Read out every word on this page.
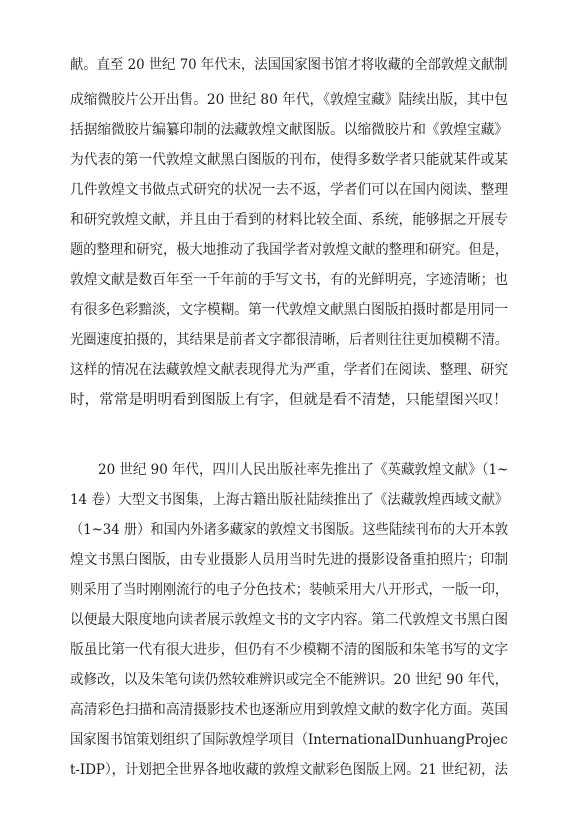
献。直至 20 世纪 70 年代末，法国国家图书馆才将收藏的全部敦煌文献制
成缩微胶片公开出售。20 世纪 80 年代，《敦煌宝藏》陆续出版，其中包
括据缩微胶片编纂印制的法藏敦煌文献图版。以缩微胶片和《敦煌宝藏》
为代表的第一代敦煌文献黑白图版的刊布，使得多数学者只能就某件或某
几件敦煌文书做点式研究的状况一去不返，学者们可以在国内阅读、整理
和研究敦煌文献，并且由于看到的材料比较全面、系统，能够据之开展专
题的整理和研究，极大地推动了我国学者对敦煌文献的整理和研究。但是，
敦煌文献是数百年至一千年前的手写文书，有的光鲜明亮，字迹清晰；也
有很多色彩黯淡，文字模糊。第一代敦煌文献黑白图版拍摄时都是用同一
光圈速度拍摄的，其结果是前者文字都很清晰，后者则往往更加模糊不清。
这样的情况在法藏敦煌文献表现得尤为严重，学者们在阅读、整理、研究
时，常常是明明看到图版上有字，但就是看不清楚，只能望图兴叹！
20 世纪 90 年代，四川人民出版社率先推出了《英藏敦煌文献》（1~
14 卷）大型文书图集，上海古籍出版社陆续推出了《法藏敦煌西域文献》
（1~34 册）和国内外诸多藏家的敦煌文书图版。这些陆续刊布的大开本敦
煌文书黑白图版，由专业摄影人员用当时先进的摄影设备重拍照片；印制
则采用了当时刚刚流行的电子分色技术；装帧采用大八开形式，一版一印，
以便最大限度地向读者展示敦煌文书的文字内容。第二代敦煌文书黑白图
版虽比第一代有很大进步，但仍有不少模糊不清的图版和朱笔书写的文字
或修改，以及朱笔句读仍然较难辨识或完全不能辨识。20 世纪 90 年代，
高清彩色扫描和高清摄影技术也逐渐应用到敦煌文献的数字化方面。英国
国家图书馆策划组织了国际敦煌学项目（InternationalDunhuangProjec
t-IDP），计划把全世界各地收藏的敦煌文献彩色图版上网。21 世纪初，法
